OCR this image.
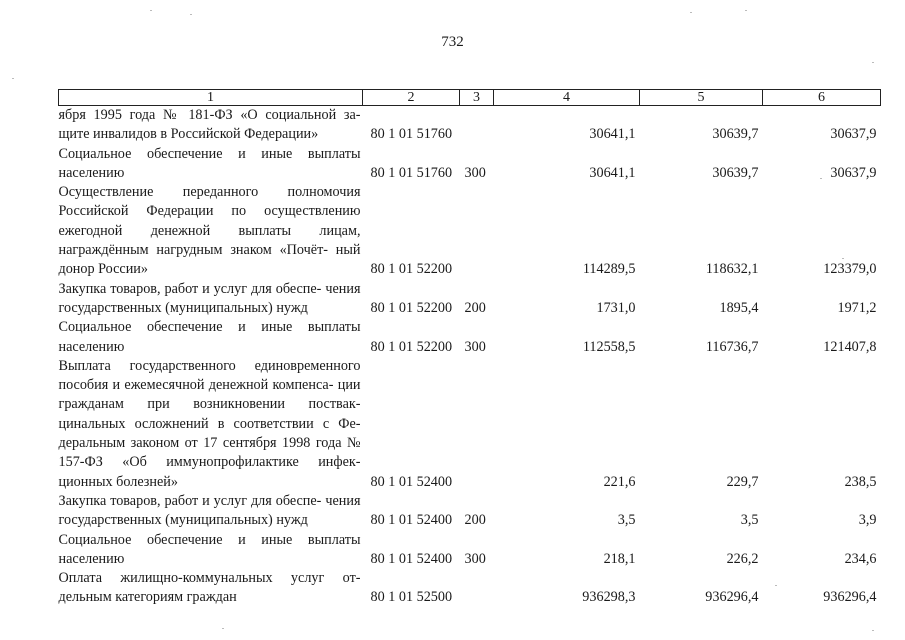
732
1	2	3	4	5	6
ября 1995 года № 181-ФЗ «О социальной за- щите инвалидов в Российской Федерации»	80 1 01 51760		30641,1	30639,7	30637,9
Социальное обеспечение и иные выплаты населению	80 1 01 51760	300	30641,1	30639,7	30637,9
Осуществление переданного полномочия Российской Федерации по осуществлению ежегодной денежной выплаты лицам, награждённым нагрудным знаком «Почёт- ный донор России»	80 1 01 52200		114289,5	118632,1	123379,0
Закупка товаров, работ и услуг для обеспе- чения государственных (муниципальных) нужд	80 1 01 52200	200	1731,0	1895,4	1971,2
Социальное обеспечение и иные выплаты населению	80 1 01 52200	300	112558,5	116736,7	121407,8
Выплата государственного единовременного пособия и ежемесячной денежной компенса- ции гражданам при возникновении поствак- цинальных осложнений в соответствии с Фе- деральным законом от 17 сентября 1998 года № 157-ФЗ «Об иммунопрофилактике инфек- ционных болезней»	80 1 01 52400		221,6	229,7	238,5
Закупка товаров, работ и услуг для обеспе- чения государственных (муниципальных) нужд	80 1 01 52400	200	3,5	3,5	3,9
Социальное обеспечение и иные выплаты населению	80 1 01 52400	300	218,1	226,2	234,6
Оплата жилищно-коммунальных услуг от- дельным категориям граждан	80 1 01 52500		936298,3	936296,4	936296,4
